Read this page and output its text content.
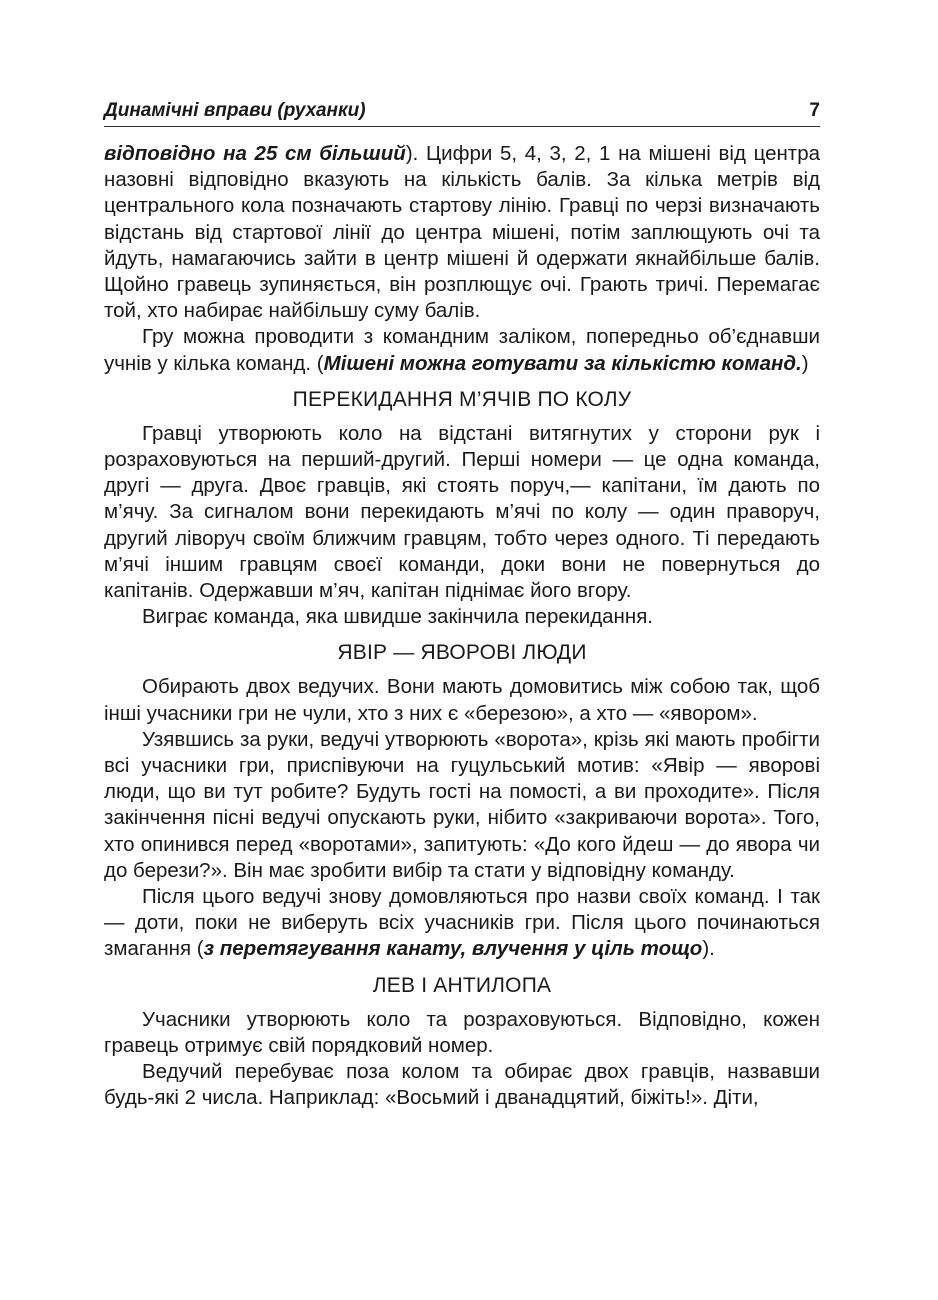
Динамічні вправи (руханки)	7

відповідно на 25 см більший). Цифри 5, 4, 3, 2, 1 на мішені від центра назовні відповідно вказують на кількість балів. За кілька метрів від центрального кола позначають стартову лінію. Гравці по черзі визначають відстань від стартової лінії до центра мішені, потім заплющують очі та йдуть, намагаючись зайти в центр мішені й одержати якнайбільше балів. Щойно гравець зупиняється, він розплющує очі. Грають тричі. Перемагає той, хто набирає найбільшу суму балів.

Гру можна проводити з командним заліком, попередньо об’єднавши учнів у кілька команд. (Мішені можна готувати за кількістю команд.)

ПЕРЕКИДАННЯ М’ЯЧІВ ПО КОЛУ

Гравці утворюють коло на відстані витягнутих у сторони рук і розраховуються на перший-другий. Перші номери — це одна команда, другі — друга. Двоє гравців, які стоять поруч,— капітани, їм дають по м’ячу. За сигналом вони перекидають м’ячі по колу — один праворуч, другий ліворуч своїм ближчим гравцям, тобто через одного. Ті передають м’ячі іншим гравцям своєї команди, доки вони не повернуться до капітанів. Одержавши м’яч, капітан піднімає його вгору.

Виграє команда, яка швидше закінчила перекидання.

ЯВІР — ЯВОРОВІ ЛЮДИ

Обирають двох ведучих. Вони мають домовитись між собою так, щоб інші учасники гри не чули, хто з них є «березою», а хто — «явором».

Узявшись за руки, ведучі утворюють «ворота», крізь які мають пробігти всі учасники гри, приспівуючи на гуцульський мотив: «Явір — яворові люди, що ви тут робите? Будуть гості на помості, а ви проходите». Після закінчення пісні ведучі опускають руки, нібито «закриваючи ворота». Того, хто опинився перед «воротами», запитують: «До кого йдеш — до явора чи до берези?». Він має зробити вибір та стати у відповідну команду.

Після цього ведучі знову домовляються про назви своїх команд. І так — доти, поки не виберуть всіх учасників гри. Після цього починаються змагання (з перетягування канату, влучення у ціль тощо).

ЛЕВ І АНТИЛОПА

Учасники утворюють коло та розраховуються. Відповідно, кожен гравець отримує свій порядковий номер.

Ведучий перебуває поза колом та обирає двох гравців, назвавши будь-які 2 числа. Наприклад: «Восьмий і дванадцятий, біжіть!». Діти,
